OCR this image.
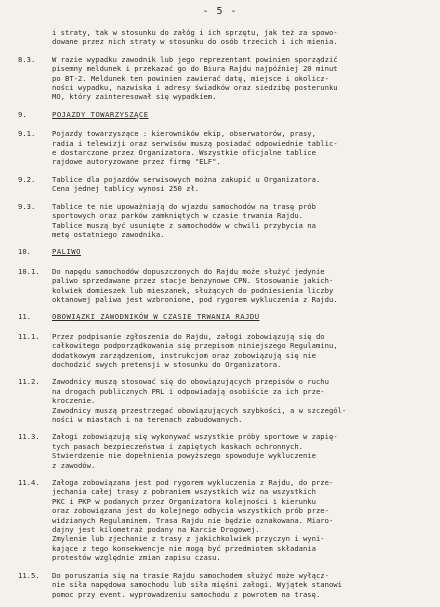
- 5 -
i straty, tak w stosunku do załóg i ich sprzętu, jak też za spowo-
dowane przez nich straty w stosunku do osób trzecich i ich mienia.
8.3.	W razie wypadku zawodnik lub jego reprezentant powinien sporządzić
pisemny meldunek i przekazać go do Biura Rajdu najpóźniej 20 minut
po BT-2. Meldunek ten powinien zawierać datę, miejsce i okolicz-
ności wypadku, nazwiska i adresy świadków oraz siedzibę posterunku
MO, który zainteresował się wypadkiem.
9.	POJAZDY TOWARZYSZĄCE
9.1.	Pojazdy towarzyszące : kierowników ekip, obserwatorów, prasy,
radia i telewizji oraz serwisów muszą posiadać odpowiednie tablic-
e dostarczone przez Organizatora. Wszystkie oficjalne tablice
rajdowe autoryzowane przez firmę "ELF".
9.2.	Tablice dla pojazdów serwisowych można zakupić u Organizatora.
Cena jednej tablicy wynosi 250 zł.
9.3.	Tablice te nie upoważniają do wjazdu samochodów na trasę prób
sportowych oraz parków zamkniętych w czasie trwania Rajdu.
Tablice muszą być usunięte z samochodów w chwili przybycia na
metę ostatniego zawodnika.
10.	PALIWO
10.1.	Do napędu samochodów dopuszczonych do Rajdu może służyć jedynie
paliwo sprzedawane przez stacje benzynowe CPN. Stosowanie jakich-
kolwiek domieszek lub mieszanek, służących do podniesienia liczby
oktanowej paliwa jest wzbronione, pod rygorem wykluczenia z Rajdu.
11.	OBOWIĄZKI ZAWODNIKÓW W CZASIE TRWANIA RAJDU
11.1.	Przez podpisanie zgłoszenia do Rajdu, załogi zobowiązują się do
całkowitego podporządkowania się przepisom niniejszego Regulaminu,
dodatkowym zarządzeniom, instrukcjom oraz zobowiązują się nie
dochodzić swych pretensji w stosunku do Organizatora.
11.2.	Zawodnicy muszą stosować się do obowiązujących przepisów o ruchu
na drogach publicznych PRL i odpowiadają osobiście za ich prze-
kroczenie.
Zawodnicy muszą przestrzegać obowiązujących szybkości, a w szczegól-
ności w miastach i na terenach zabudowanych.
11.3.	Załogi zobowiązują się wykonywać wszystkie próby sportowe w zapię-
tych pasach bezpieczeństwa i zapiętych kaskach ochronnych.
Stwierdzenie nie dopełnienia powyższego spowoduje wykluczenie
z zawodów.
11.4.	Załoga zobowiązana jest pod rygorem wykluczenia z Rajdu, do prze-
jechania całej trasy z pobraniem wszystkich wiz na wszystkich
PKC i PKP w podanych przez Organizatora kolejności i kierunku
oraz zobowiązana jest do kolejnego odbycia wszystkich prób prze-
widzianych Regulaminem. Trasa Rajdu nie będzie oznakowana. Miaro-
dajny jest kilometraż podany na Karcie Drogowej.
Zmylenie lub zjechanie z trasy z jakichkolwiek przyczyn i wyni-
kające z tego konsekwencje nie mogą być przedmiotem składania
protestów względnie zmian zapisu czasu.
11.5.	Do poruszania się na trasie Rajdu samochodem służyć może wyłącz-
nie siła napędowa samochodu lub siła mięśni załogi. Wyjątek stanowi
pomoc przy event. wyprowadzeniu samochodu z powrotem na trasę.
